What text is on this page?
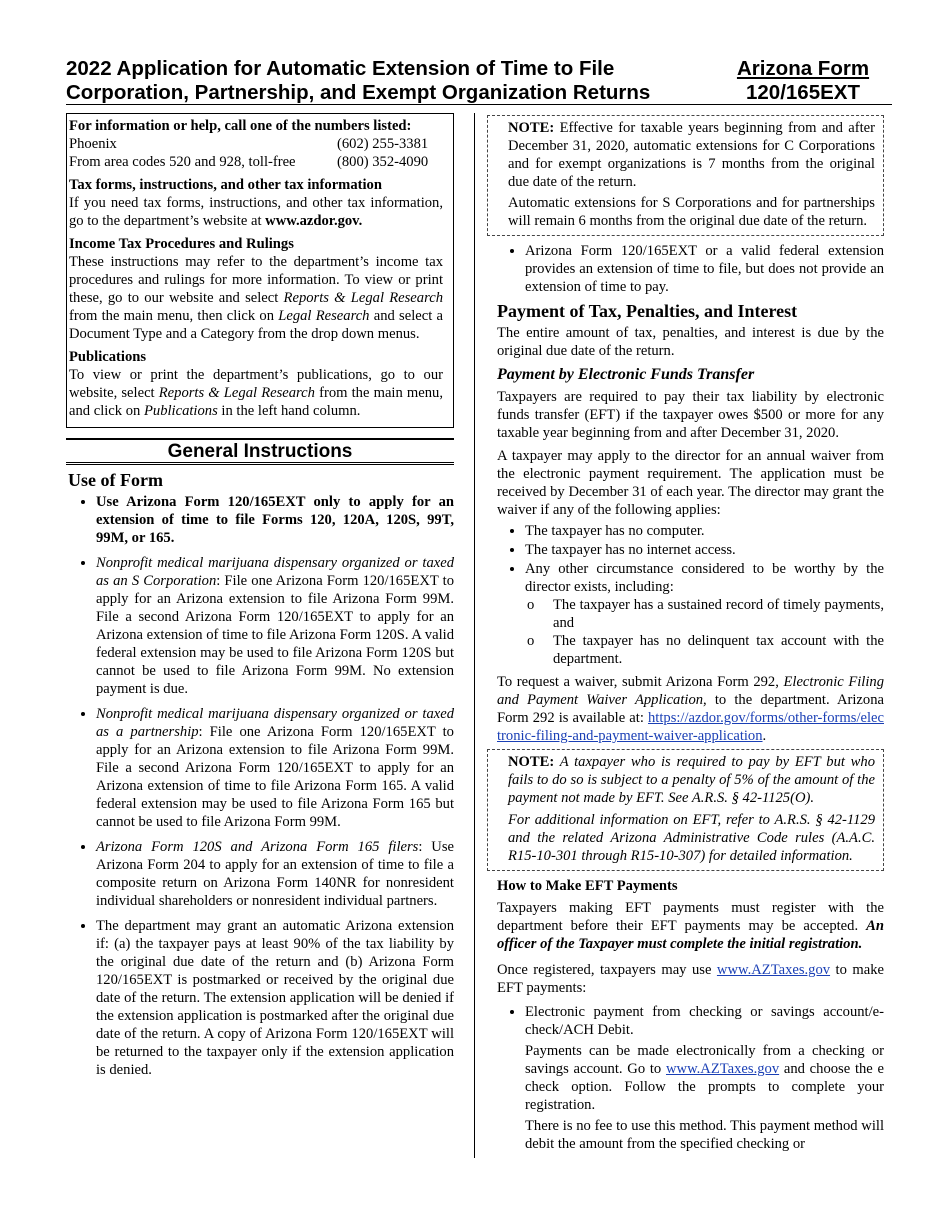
2022 Application for Automatic Extension of Time to File
Corporation, Partnership, and Exempt Organization Returns
Arizona Form
120/165EXT
For information or help, call one of the numbers listed:
Phoenix	(602) 255-3381
From area codes 520 and 928, toll-free	(800) 352-4090
Tax forms, instructions, and other tax information

If you need tax forms, instructions, and other tax information, go to the department’s website at www.azdor.gov.

Income Tax Procedures and Rulings

These instructions may refer to the department’s income tax procedures and rulings for more information. To view or print these, go to our website and select Reports & Legal Research from the main menu, then click on Legal Research and select a Document Type and a Category from the drop down menus.

Publications

To view or print the department’s publications, go to our website, select Reports & Legal Research from the main menu, and click on Publications in the left hand column.

General Instructions
Use of Form
• Use Arizona Form 120/165EXT only to apply for an extension of time to file Forms 120, 120A, 120S, 99T, 99M, or 165.
• Nonprofit medical marijuana dispensary organized or taxed as an S Corporation: File one Arizona Form 120/165EXT to apply for an Arizona extension to file Arizona Form 99M. File a second Arizona Form 120/165EXT to apply for an Arizona extension of time to file Arizona Form 120S. A valid federal extension may be used to file Arizona Form 120S but cannot be used to file Arizona Form 99M. No extension payment is due.
• Nonprofit medical marijuana dispensary organized or taxed as a partnership: File one Arizona Form 120/165EXT to apply for an Arizona extension to file Arizona Form 99M. File a second Arizona Form 120/165EXT to apply for an Arizona extension of time to file Arizona Form 165. A valid federal extension may be used to file Arizona Form 165 but cannot be used to file Arizona Form 99M.
• Arizona Form 120S and Arizona Form 165 filers: Use Arizona Form 204 to apply for an extension of time to file a composite return on Arizona Form 140NR for nonresident individual shareholders or nonresident individual partners.
• The department may grant an automatic Arizona extension if: (a) the taxpayer pays at least 90% of the tax liability by the original due date of the return and (b) Arizona Form 120/165EXT is postmarked or received by the original due date of the return. The extension application will be denied if the extension application is postmarked after the original due date of the return. A copy of Arizona Form 120/165EXT will be returned to the taxpayer only if the extension application is denied.

NOTE: Effective for taxable years beginning from and after December 31, 2020, automatic extensions for C Corporations and for exempt organizations is 7 months from the original due date of the return.

Automatic extensions for S Corporations and for partnerships will remain 6 months from the original due date of the return.

• Arizona Form 120/165EXT or a valid federal extension provides an extension of time to file, but does not provide an extension of time to pay.
Payment of Tax, Penalties, and Interest

The entire amount of tax, penalties, and interest is due by the original due date of the return.

Payment by Electronic Funds Transfer

Taxpayers are required to pay their tax liability by electronic funds transfer (EFT) if the taxpayer owes $500 or more for any taxable year beginning from and after December 31, 2020.

A taxpayer may apply to the director for an annual waiver from the electronic payment requirement. The application must be received by December 31 of each year. The director may grant the waiver if any of the following applies:

• The taxpayer has no computer.
• The taxpayer has no internet access.
• Any other circumstance considered to be worthy by the director exists, including:
o The taxpayer has a sustained record of timely payments, and
o The taxpayer has no delinquent tax account with the department.

To request a waiver, submit Arizona Form 292, Electronic Filing and Payment Waiver Application, to the department. Arizona Form 292 is available at: https://azdor.gov/forms/other-forms/electronic-filing-and-payment-waiver-application.

NOTE: A taxpayer who is required to pay by EFT but who fails to do so is subject to a penalty of 5% of the amount of the payment not made by EFT. See A.R.S. § 42-1125(O).

For additional information on EFT, refer to A.R.S. § 42-1129 and the related Arizona Administrative Code rules (A.A.C. R15-10-301 through R15-10-307) for detailed information.

How to Make EFT Payments

Taxpayers making EFT payments must register with the department before their EFT payments may be accepted. An officer of the Taxpayer must complete the initial registration.

Once registered, taxpayers may use www.AZTaxes.gov to make EFT payments:

• Electronic payment from checking or savings account/e-check/ACH Debit.

Payments can be made electronically from a checking or savings account. Go to www.AZTaxes.gov and choose the e check option. Follow the prompts to complete your registration.

There is no fee to use this method. This payment method will debit the amount from the specified checking or
